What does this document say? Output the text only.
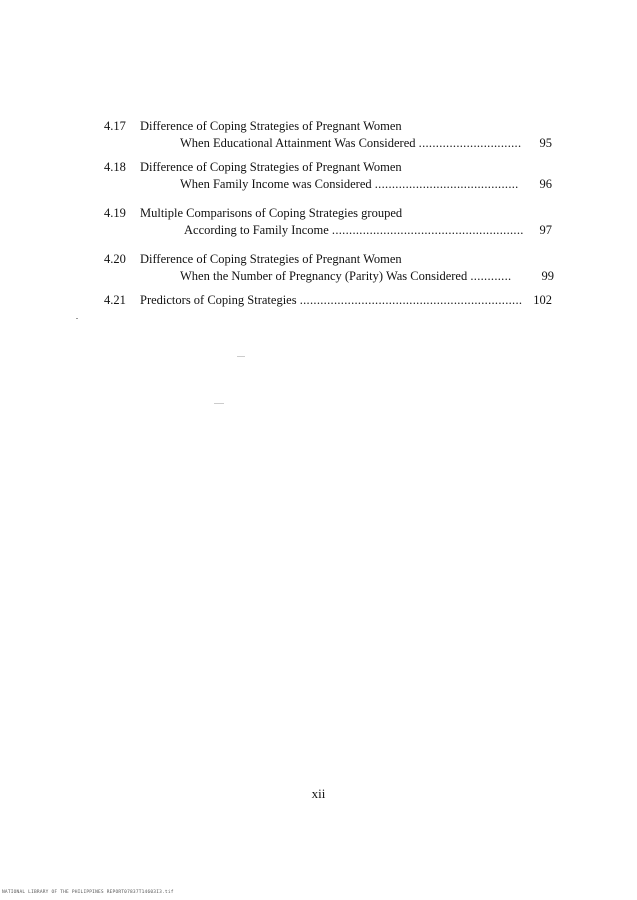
4.17 Difference of Coping Strategies of Pregnant Women
When Educational Attainment Was Considered .............................. 95
4.18 Difference of Coping Strategies of Pregnant Women
When Family Income was Considered .......................................... 96
4.19 Multiple Comparisons of Coping Strategies grouped
According to Family Income ........................................................ 97
4.20 Difference of Coping Strategies of Pregnant Women
When the Number of Pregnancy (Parity) Was Considered ............ 99
4.21 Predictors of Coping Strategies ................................................................. 102
xii
NATIONAL LIBRARY OF THE PHILIPPINES REPORT07837T14603I3.tif
